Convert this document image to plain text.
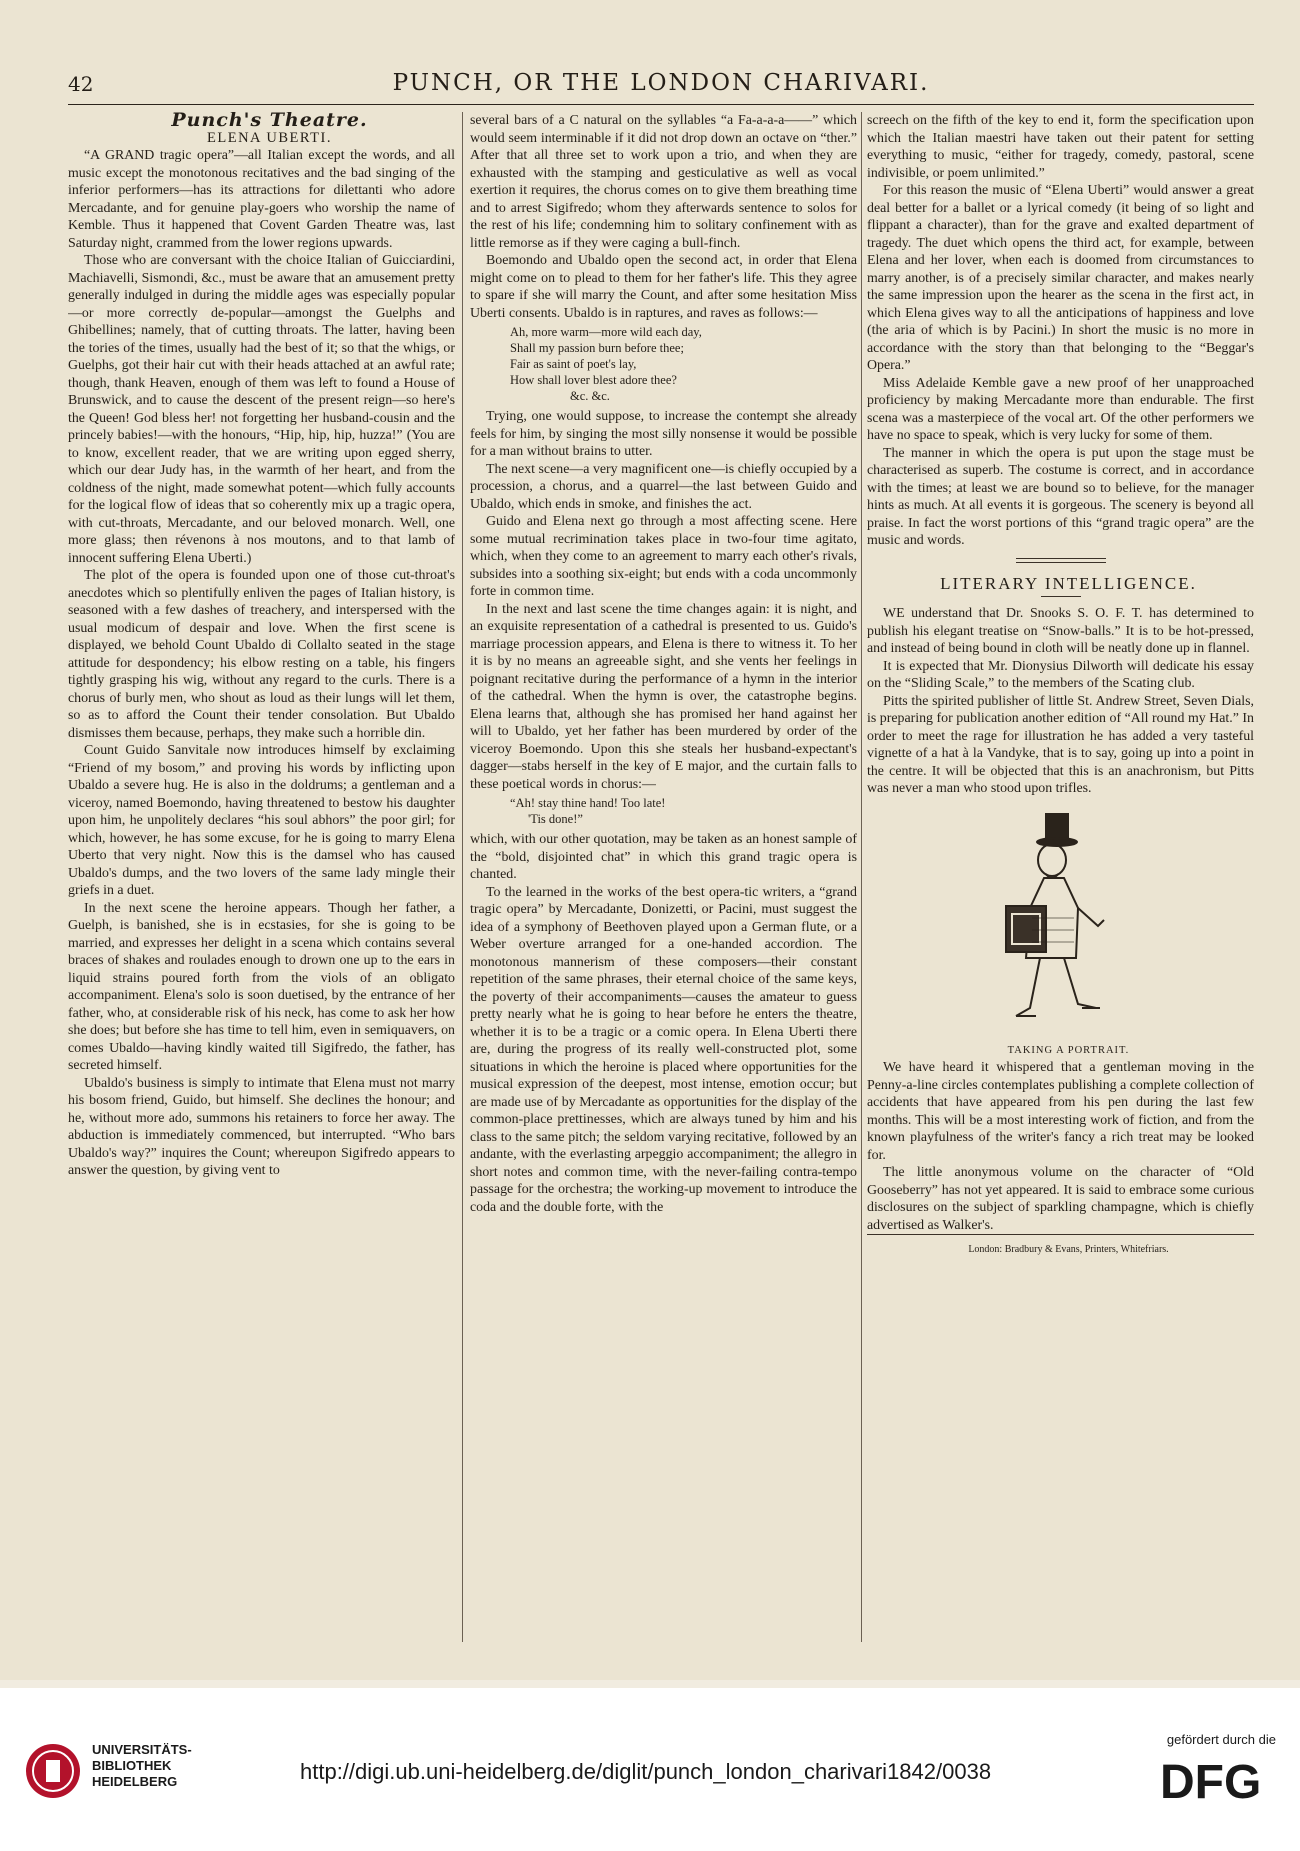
42	PUNCH, OR THE LONDON CHARIVARI.

Punch's Theatre.

ELENA UBERTI.

“A GRAND tragic opera”—all Italian except the words, and all music except the monotonous recitatives and the bad singing of the inferior performers—has its attractions for dilettanti who adore Mercadante, and for genuine play-goers who worship the name of Kemble. Thus it happened that Covent Garden Theatre was, last Saturday night, crammed from the lower regions upwards.

Those who are conversant with the choice Italian of Guicciardini, Machiavelli, Sismondi, &c., must be aware that an amusement pretty generally indulged in during the middle ages was especially popular—or more correctly de-popular—amongst the Guelphs and Ghibellines; namely, that of cutting throats. The latter, having been the tories of the times, usually had the best of it; so that the whigs, or Guelphs, got their hair cut with their heads attached at an awful rate; though, thank Heaven, enough of them was left to found a House of Brunswick, and to cause the descent of the present reign—so here's the Queen! God bless her! not forgetting her husband-cousin and the princely babies!—with the honours, “Hip, hip, hip, huzza!” (You are to know, excellent reader, that we are writing upon egged sherry, which our dear Judy has, in the warmth of her heart, and from the coldness of the night, made somewhat potent—which fully accounts for the logical flow of ideas that so coherently mix up a tragic opera, with cut-throats, Mercadante, and our beloved monarch. Well, one more glass; then révenons à nos moutons, and to that lamb of innocent suffering Elena Uberti.)

The plot of the opera is founded upon one of those cut-throat's anecdotes which so plentifully enliven the pages of Italian history, is seasoned with a few dashes of treachery, and interspersed with the usual modicum of despair and love. When the first scene is displayed, we behold Count Ubaldo di Collalto seated in the stage attitude for despondency; his elbow resting on a table, his fingers tightly grasping his wig, without any regard to the curls. There is a chorus of burly men, who shout as loud as their lungs will let them, so as to afford the Count their tender consolation. But Ubaldo dismisses them because, perhaps, they make such a horrible din.

Count Guido Sanvitale now introduces himself by exclaiming “Friend of my bosom,” and proving his words by inflicting upon Ubaldo a severe hug. He is also in the doldrums; a gentleman and a viceroy, named Boemondo, having threatened to bestow his daughter upon him, he unpolitely declares “his soul abhors” the poor girl; for which, however, he has some excuse, for he is going to marry Elena Uberto that very night. Now this is the damsel who has caused Ubaldo's dumps, and the two lovers of the same lady mingle their griefs in a duet.

In the next scene the heroine appears. Though her father, a Guelph, is banished, she is in ecstasies, for she is going to be married, and expresses her delight in a scena which contains several braces of shakes and roulades enough to drown one up to the ears in liquid strains poured forth from the viols of an obligato accompaniment. Elena's solo is soon duetised, by the entrance of her father, who, at considerable risk of his neck, has come to ask her how she does; but before she has time to tell him, even in semiquavers, on comes Ubaldo—having kindly waited till Sigifredo, the father, has secreted himself.

Ubaldo's business is simply to intimate that Elena must not marry his bosom friend, Guido, but himself. She declines the honour; and he, without more ado, summons his retainers to force her away. The abduction is immediately commenced, but interrupted. “Who bars Ubaldo's way?” inquires the Count; whereupon Sigifredo appears to answer the question, by giving vent to

several bars of a C natural on the syllables “a Fa-a-a-a——” which would seem interminable if it did not drop down an octave on “ther.” After that all three set to work upon a trio, and when they are exhausted with the stamping and gesticulative as well as vocal exertion it requires, the chorus comes on to give them breathing time and to arrest Sigifredo; whom they afterwards sentence to solos for the rest of his life; condemning him to solitary confinement with as little remorse as if they were caging a bull-finch.

Boemondo and Ubaldo open the second act, in order that Elena might come on to plead to them for her father's life. This they agree to spare if she will marry the Count, and after some hesitation Miss Uberti consents. Ubaldo is in raptures, and raves as follows:—

Ah, more warm—more wild each day,
Shall my passion burn before thee;
Fair as saint of poet's lay,
How shall lover blest adore thee?
&c. &c.

Trying, one would suppose, to increase the contempt she already feels for him, by singing the most silly nonsense it would be possible for a man without brains to utter.

The next scene—a very magnificent one—is chiefly occupied by a procession, a chorus, and a quarrel—the last between Guido and Ubaldo, which ends in smoke, and finishes the act.

Guido and Elena next go through a most affecting scene. Here some mutual recrimination takes place in two-four time agitato, which, when they come to an agreement to marry each other's rivals, subsides into a soothing six-eight; but ends with a coda uncommonly forte in common time.

In the next and last scene the time changes again: it is night, and an exquisite representation of a cathedral is presented to us. Guido's marriage procession appears, and Elena is there to witness it. To her it is by no means an agreeable sight, and she vents her feelings in poignant recitative during the performance of a hymn in the interior of the cathedral. When the hymn is over, the catastrophe begins. Elena learns that, although she has promised her hand against her will to Ubaldo, yet her father has been murdered by order of the viceroy Boemondo. Upon this she steals her husband-expectant's dagger—stabs herself in the key of E major, and the curtain falls to these poetical words in chorus:—

“Ah! stay thine hand! Too late!
'Tis done!”

which, with our other quotation, may be taken as an honest sample of the “bold, disjointed chat” in which this grand tragic opera is chanted.

To the learned in the works of the best opera-tic writers, a “grand tragic opera” by Mercadante, Donizetti, or Pacini, must suggest the idea of a symphony of Beethoven played upon a German flute, or a Weber overture arranged for a one-handed accordion. The monotonous mannerism of these composers—their constant repetition of the same phrases, their eternal choice of the same keys, the poverty of their accompaniments—causes the amateur to guess pretty nearly what he is going to hear before he enters the theatre, whether it is to be a tragic or a comic opera. In Elena Uberti there are, during the progress of its really well-constructed plot, some situations in which the heroine is placed where opportunities for the musical expression of the deepest, most intense, emotion occur; but are made use of by Mercadante as opportunities for the display of the common-place prettinesses, which are always tuned by him and his class to the same pitch; the seldom varying recitative, followed by an andante, with the everlasting arpeggio accompaniment; the allegro in short notes and common time, with the never-failing contra-tempo passage for the orchestra; the working-up movement to introduce the coda and the double forte, with the

screech on the fifth of the key to end it, form the specification upon which the Italian maestri have taken out their patent for setting everything to music, “either for tragedy, comedy, pastoral, scene indivisible, or poem unlimited.”

For this reason the music of “Elena Uberti” would answer a great deal better for a ballet or a lyrical comedy (it being of so light and flippant a character), than for the grave and exalted department of tragedy. The duet which opens the third act, for example, between Elena and her lover, when each is doomed from circumstances to marry another, is of a precisely similar character, and makes nearly the same impression upon the hearer as the scena in the first act, in which Elena gives way to all the anticipations of happiness and love (the aria of which is by Pacini.) In short the music is no more in accordance with the story than that belonging to the “Beggar's Opera.”

Miss Adelaide Kemble gave a new proof of her unapproached proficiency by making Mercadante more than endurable. The first scena was a masterpiece of the vocal art. Of the other performers we have no space to speak, which is very lucky for some of them.

The manner in which the opera is put upon the stage must be characterised as superb. The costume is correct, and in accordance with the times; at least we are bound so to believe, for the manager hints as much. At all events it is gorgeous. The scenery is beyond all praise. In fact the worst portions of this “grand tragic opera” are the music and words.

LITERARY INTELLIGENCE.

WE understand that Dr. Snooks S. O. F. T. has determined to publish his elegant treatise on “Snow-balls.” It is to be hot-pressed, and instead of being bound in cloth will be neatly done up in flannel.

It is expected that Mr. Dionysius Dilworth will dedicate his essay on the “Sliding Scale,” to the members of the Scating club.

Pitts the spirited publisher of little St. Andrew Street, Seven Dials, is preparing for publication another edition of “All round my Hat.” In order to meet the rage for illustration he has added a very tasteful vignette of a hat à la Vandyke, that is to say, going up into a point in the centre. It will be objected that this is an anachronism, but Pitts was never a man who stood upon trifles.

TAKING A PORTRAIT.

We have heard it whispered that a gentleman moving in the Penny-a-line circles contemplates publishing a complete collection of accidents that have appeared from his pen during the last few months. This will be a most interesting work of fiction, and from the known playfulness of the writer's fancy a rich treat may be looked for.

The little anonymous volume on the character of “Old Gooseberry” has not yet appeared. It is said to embrace some curious disclosures on the subject of sparkling champagne, which is chiefly advertised as Walker's.

London: Bradbury & Evans, Printers, Whitefriars.

UNIVERSITÄTS-
BIBLIOTHEK
HEIDELBERG	http://digi.ub.uni-heidelberg.de/diglit/punch_london_charivari1842/0038
gefördert durch die
DFG
